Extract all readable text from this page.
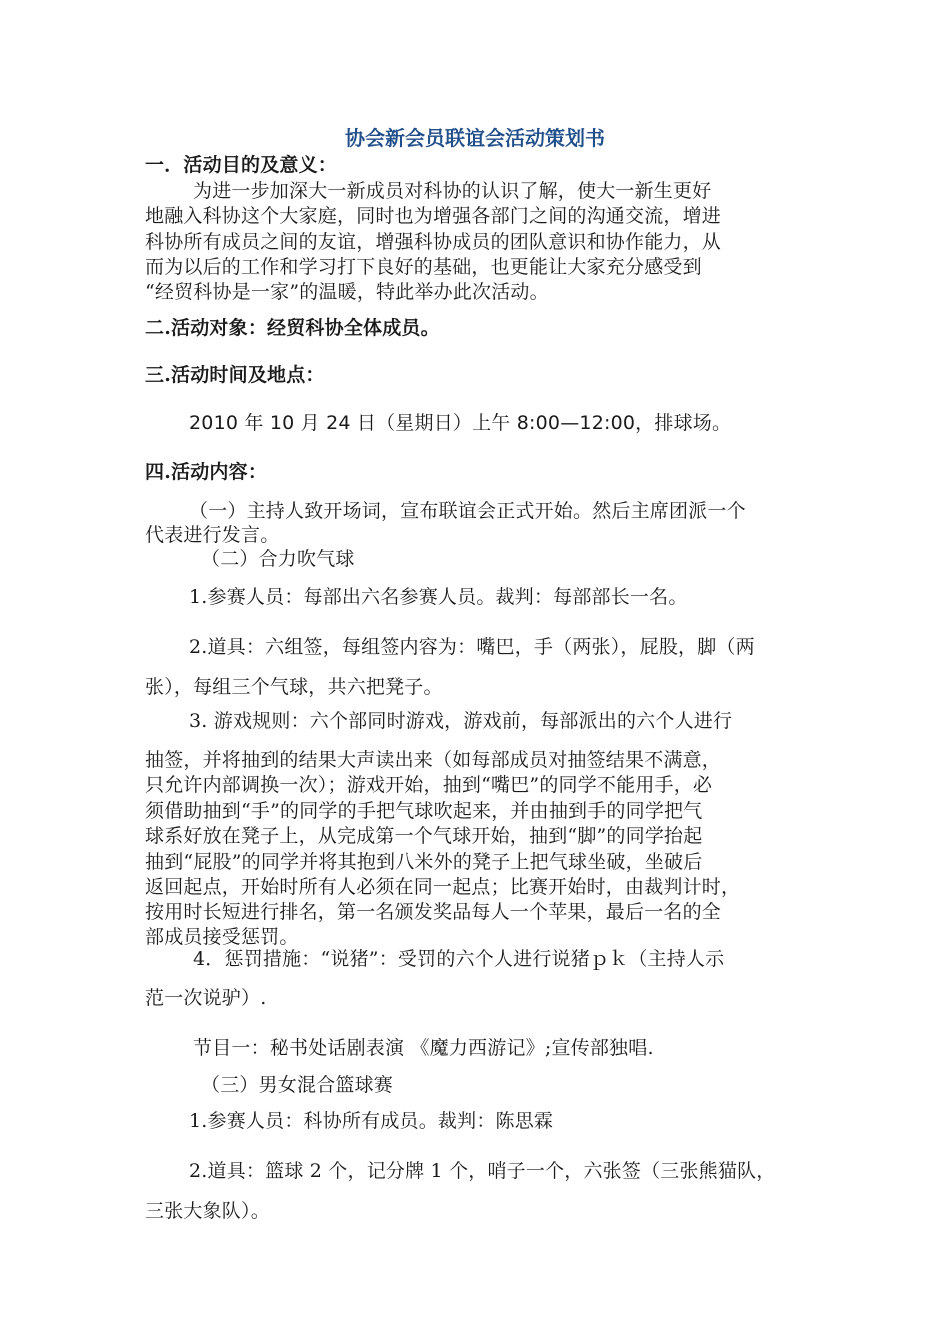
协会新会员联谊会活动策划书
一．活动目的及意义：
为进一步加深大一新成员对科协的认识了解，使大一新生更好
地融入科协这个大家庭，同时也为增强各部门之间的沟通交流，增进
科协所有成员之间的友谊，增强科协成员的团队意识和协作能力，从
而为以后的工作和学习打下良好的基础，也更能让大家充分感受到
“经贸科协是一家”的温暖，特此举办此次活动。
二.活动对象：经贸科协全体成员。
三.活动时间及地点：
2010 年 10 月 24 日（星期日）上午 8:00—12:00，排球场。
四.活动内容：
（一）主持人致开场词，宣布联谊会正式开始。然后主席团派一个
代表进行发言。
（二）合力吹气球
1.参赛人员：每部出六名参赛人员。裁判：每部部长一名。
2.道具：六组签，每组签内容为：嘴巴，手（两张），屁股，脚（两
张），每组三个气球，共六把凳子。
3. 游戏规则：六个部同时游戏，游戏前，每部派出的六个人进行
抽签，并将抽到的结果大声读出来（如每部成员对抽签结果不满意，
只允许内部调换一次）；游戏开始，抽到“嘴巴”的同学不能用手，必
须借助抽到“手”的同学的手把气球吹起来，并由抽到手的同学把气
球系好放在凳子上，从完成第一个气球开始，抽到“脚”的同学抬起
抽到“屁股”的同学并将其抱到八米外的凳子上把气球坐破，坐破后
返回起点，开始时所有人必须在同一起点；比赛开始时，由裁判计时，
按用时长短进行排名，第一名颁发奖品每人一个苹果，最后一名的全
部成员接受惩罚。
4．惩罚措施：“说猪”：受罚的六个人进行说猪ｐｋ（主持人示
范一次说驴）.
节目一：秘书处话剧表演 《魔力西游记》;宣传部独唱.
（三）男女混合篮球赛
1.参赛人员：科协所有成员。裁判：陈思霖
2.道具：篮球 2 个，记分牌 1 个，哨子一个，六张签（三张熊猫队，
三张大象队）。
